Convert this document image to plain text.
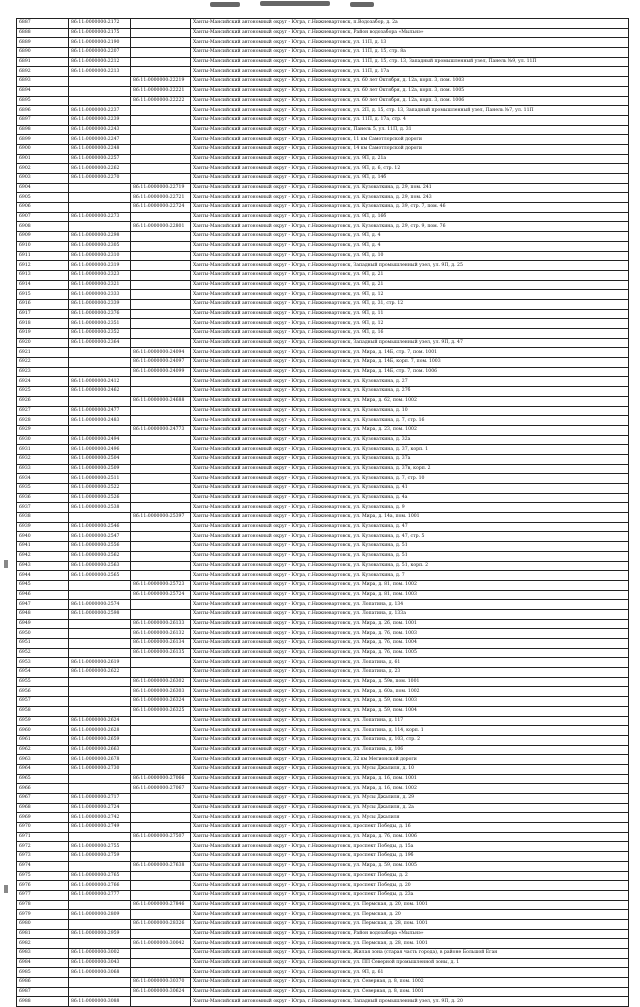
6887	86:11:0000000:2172		Ханты-Мансийский автономный округ - Югра, г.Нижневартовск, п.Водозабор, д. 2а
6888	86:11:0000000:2175		Ханты-Мансийский автономный округ - Югра, г.Нижневартовск, Район водозабора «Мыльнэ»
6889	86:11:0000000:2190		Ханты-Мансийский автономный округ - Югра, г.Нижневартовск, ул. 11П, д. 13
6890	86:11:0000000:2207		Ханты-Мансийский автономный округ - Югра, г.Нижневартовск, ул. 11П, д. 15, стр. 8а
6891	86:11:0000000:2212		Ханты-Мансийский автономный округ - Югра, г.Нижневартовск, ул. 11П, д. 15, стр. 13, Западный промышленный узел, Панель №9, ул. 11П
6892	86:11:0000000:2213		Ханты-Мансийский автономный округ - Югра, г.Нижневартовск, ул. 11П, д. 17а
6893		86:11:0000000:22219	Ханты-Мансийский автономный округ - Югра, г.Нижневартовск, ул. 60 лет Октября, д. 12а, корп. 3, пом. 1003
6894		86:11:0000000:22221	Ханты-Мансийский автономный округ - Югра, г.Нижневартовск, ул. 60 лет Октября, д. 12а, корп. 3, пом. 1005
6895		86:11:0000000:22222	Ханты-Мансийский автономный округ - Югра, г.Нижневартовск, ул. 60 лет Октября, д. 12а, корп. 3, пом. 1006
6896	86:11:0000000:2237		Ханты-Мансийский автономный округ - Югра, г.Нижневартовск, ул. 2П, д. 15, стр. 13, Западный промышленный узел, Панель №7, ул. 11П
6897	86:11:0000000:2239		Ханты-Мансийский автономный округ - Югра, г.Нижневартовск, ул. 11П, д. 17а, стр. 4
6898	86:11:0000000:2243		Ханты-Мансийский автономный округ - Югра, г.Нижневартовск, Панель 5, ул. 11П, д. 31
6899	86:11:0000000:2247		Ханты-Мансийский автономный округ - Югра, г.Нижневартовск, 11 км Самотлорской дороги
6900	86:11:0000000:2248		Ханты-Мансийский автономный округ - Югра, г.Нижневартовск, 14 км Самотлорской дороги
6901	86:11:0000000:2257		Ханты-Мансийский автономный округ - Югра, г.Нижневартовск, ул. 9П, д. 21а
6902	86:11:0000000:2262		Ханты-Мансийский автономный округ - Югра, г.Нижневартовск, ул. 9П, д. 6, стр. 12
6903	86:11:0000000:2270		Ханты-Мансийский автономный округ - Югра, г.Нижневартовск, ул. 9П, д. 14б
6904		86:11:0000000:22719	Ханты-Мансийский автономный округ - Югра, г.Нижневартовск, ул. Кузоваткина, д. 29, пом. 241
6905		86:11:0000000:22721	Ханты-Мансийский автономный округ - Югра, г.Нижневартовск, ул. Кузоваткина, д. 29, пом. 243
6906		86:11:0000000:22724	Ханты-Мансийский автономный округ - Югра, г.Нижневартовск, ул. Кузоваткина, д. 39, стр. 7, пом. 46
6907	86:11:0000000:2273		Ханты-Мансийский автономный округ - Югра, г.Нижневартовск, ул. 9П, д. 16б
6908		86:11:0000000:22801	Ханты-Мансийский автономный округ - Югра, г.Нижневартовск, ул. Кузоваткина, д. 29, стр. 9, пом. 76
6909	86:11:0000000:2298		Ханты-Мансийский автономный округ - Югра, г.Нижневартовск, ул. 9П, д. 4
6910	86:11:0000000:2305		Ханты-Мансийский автономный округ - Югра, г.Нижневартовск, ул. 9П, д. 4
6911	86:11:0000000:2310		Ханты-Мансийский автономный округ - Югра, г.Нижневартовск, ул. 9П, д. 10
6912	86:11:0000000:2319		Ханты-Мансийский автономный округ - Югра, г.Нижневартовск, Западный промышленный узел, ул. 9П, д. 25
6913	86:11:0000000:2323		Ханты-Мансийский автономный округ - Югра, г.Нижневартовск, ул. 9П, д. 21
6914	86:11:0000000:2321		Ханты-Мансийский автономный округ - Югра, г.Нижневартовск, ул. 9П, д. 21
6915	86:11:0000000:2333		Ханты-Мансийский автономный округ - Югра, г.Нижневартовск, ул. 9П, д. 12
6916	86:11:0000000:2339		Ханты-Мансийский автономный округ - Югра, г.Нижневартовск, ул. 9П, д. 31, стр. 12
6917	86:11:0000000:2376		Ханты-Мансийский автономный округ - Югра, г.Нижневартовск, ул. 9П, д. 11
6918	86:11:0000000:2351		Ханты-Мансийский автономный округ - Югра, г.Нижневартовск, ул. 9П, д. 12
6919	86:11:0000000:2352		Ханты-Мансийский автономный округ - Югра, г.Нижневартовск, ул. 9П, д. 16
6920	86:11:0000000:2364		Ханты-Мансийский автономный округ - Югра, г.Нижневартовск, Западный промышленный узел, ул. 9П, д. 47
6921		86:11:0000000:24094	Ханты-Мансийский автономный округ - Югра, г.Нижневартовск, ул. Мира, д. 14Б, стр. 7, пом. 1001
6922		86:11:0000000:24097	Ханты-Мансийский автономный округ - Югра, г.Нижневартовск, ул. Мира, д. 14Б, корп. 7, пом. 1003
6923		86:11:0000000:24099	Ханты-Мансийский автономный округ - Югра, г.Нижневартовск, ул. Мира, д. 14Б, стр. 7, пом. 1006
6924	86:11:0000000:2412		Ханты-Мансийский автономный округ - Югра, г.Нижневартовск, ул. Кузоваткина, д. 27
6925	86:11:0000000:2462		Ханты-Мансийский автономный округ - Югра, г.Нижневартовск, ул. Кузоваткина, д. 27б
6926		86:11:0000000:24688	Ханты-Мансийский автономный округ - Югра, г.Нижневартовск, ул. Мира, д. 62, пом. 1002
6927	86:11:0000000:2477		Ханты-Мансийский автономный округ - Югра, г.Нижневартовск, ул. Кузоваткина, д. 10
6928	86:11:0000000:2483		Ханты-Мансийский автономный округ - Югра, г.Нижневартовск, ул. Кузоваткина, д. 7, стр. 16
6929		86:11:0000000:24773	Ханты-Мансийский автономный округ - Югра, г.Нижневартовск, ул. Мира, д. 23, пом. 1002
6930	86:11:0000000:2494		Ханты-Мансийский автономный округ - Югра, г.Нижневартовск, ул. Кузоваткина, д. 32а
6931	86:11:0000000:2496		Ханты-Мансийский автономный округ - Югра, г.Нижневартовск, ул. Кузоваткина, д. 37, корп. 1
6932	86:11:0000000:2504		Ханты-Мансийский автономный округ - Югра, г.Нижневартовск, ул. Кузоваткина, д. 37а
6933	86:11:0000000:2509		Ханты-Мансийский автономный округ - Югра, г.Нижневартовск, ул. Кузоваткина, д. 37в, корп. 2
6934	86:11:0000000:2511		Ханты-Мансийский автономный округ - Югра, г.Нижневартовск, ул. Кузоваткина, д. 7, стр. 10
6935	86:11:0000000:2522		Ханты-Мансийский автономный округ - Югра, г.Нижневартовск, ул. Кузоваткина, д. 41
6936	86:11:0000000:2526		Ханты-Мансийский автономный округ - Югра, г.Нижневартовск, ул. Кузоваткина, д. 4а
6937	86:11:0000000:2538		Ханты-Мансийский автономный округ - Югра, г.Нижневартовск, ул. Кузоваткина, д. 9
6938		86:11:0000000:25397	Ханты-Мансийский автономный округ - Югра, г.Нижневартовск, ул. Мира, д. 14а, пом. 1001
6939	86:11:0000000:2546		Ханты-Мансийский автономный округ - Югра, г.Нижневартовск, ул. Кузоваткина, д. 47
6940	86:11:0000000:2547		Ханты-Мансийский автономный округ - Югра, г.Нижневартовск, ул. Кузоваткина, д. 47, стр. 5
6941	86:11:0000000:2556		Ханты-Мансийский автономный округ - Югра, г.Нижневартовск, ул. Кузоваткина, д. 51
6942	86:11:0000000:2562		Ханты-Мансийский автономный округ - Югра, г.Нижневартовск, ул. Кузоваткина, д. 51
6943	86:11:0000000:2563		Ханты-Мансийский автономный округ - Югра, г.Нижневартовск, ул. Кузоваткина, д. 51, корп. 2
6944	86:11:0000000:2565		Ханты-Мансийский автономный округ - Югра, г.Нижневартовск, ул. Кузоваткина, д. 7
6945		86:11:0000000:25723	Ханты-Мансийский автономный округ - Югра, г.Нижневартовск, ул. Мира, д. 81, пом. 1002
6946		86:11:0000000:25724	Ханты-Мансийский автономный округ - Югра, г.Нижневартовск, ул. Мира, д. 81, пом. 1003
6947	86:11:0000000:2574		Ханты-Мансийский автономный округ - Югра, г.Нижневартовск, ул. Лопатина, д. 134
6948	86:11:0000000:2598		Ханты-Мансийский автономный округ - Югра, г.Нижневартовск, ул. Лопатина, д. 133а
6949		86:11:0000000:26133	Ханты-Мансийский автономный округ - Югра, г.Нижневартовск, ул. Мира, д. 26, пом. 1001
6950		86:11:0000000:26132	Ханты-Мансийский автономный округ - Югра, г.Нижневартовск, ул. Мира, д. 76, пом. 1003
6951		86:11:0000000:26134	Ханты-Мансийский автономный округ - Югра, г.Нижневартовск, ул. Мира, д. 76, пом. 1004
6952		86:11:0000000:26135	Ханты-Мансийский автономный округ - Югра, г.Нижневартовск, ул. Мира, д. 76, пом. 1005
6953	86:11:0000000:2619		Ханты-Мансийский автономный округ - Югра, г.Нижневартовск, ул. Лопатина, д. 61
6954	86:11:0000000:2622		Ханты-Мансийский автономный округ - Югра, г.Нижневартовск, ул. Лопатина, д. 23
6955		86:11:0000000:26302	Ханты-Мансийский автономный округ - Югра, г.Нижневартовск, ул. Мира, д. 59в, пом. 1001
6956		86:11:0000000:26303	Ханты-Мансийский автономный округ - Югра, г.Нижневартовск, ул. Мира, д. 60а, пом. 1002
6957		86:11:0000000:26324	Ханты-Мансийский автономный округ - Югра, г.Нижневартовск, ул. Мира, д. 59, пом. 1003
6958		86:11:0000000:26325	Ханты-Мансийский автономный округ - Югра, г.Нижневартовск, ул. Мира, д. 59, пом. 1004
6959	86:11:0000000:2624		Ханты-Мансийский автономный округ - Югра, г.Нижневартовск, ул. Лопатина, д. 117
6960	86:11:0000000:2628		Ханты-Мансийский автономный округ - Югра, г.Нижневартовск, ул. Лопатина, д. 114, корп. 1
6961	86:11:0000000:2659		Ханты-Мансийский автономный округ - Югра, г.Нижневартовск, ул. Лопатина, д. 103, стр. 2
6962	86:11:0000000:2663		Ханты-Мансийский автономный округ - Югра, г.Нижневартовск, ул. Лопатина, д. 106
6963	86:11:0000000:2678		Ханты-Мансийский автономный округ - Югра, г.Нижневартовск, 32 км Мегионской дороги
6964	86:11:0000000:2730		Ханты-Мансийский автономный округ - Югра, г.Нижневартовск, ул. Мусы Джалиля, д. 10
6965		86:11:0000000:27066	Ханты-Мансийский автономный округ - Югра, г.Нижневартовск, ул. Мира, д. 16, пом. 1001
6966		86:11:0000000:27067	Ханты-Мансийский автономный округ - Югра, г.Нижневартовск, ул. Мира, д. 16, пом. 1002
6967	86:11:0000000:2717		Ханты-Мансийский автономный округ - Югра, г.Нижневартовск, ул. Мусы Джалиля, д. 29
6968	86:11:0000000:2724		Ханты-Мансийский автономный округ - Югра, г.Нижневартовск, ул. Мусы Джалиля, д. 2а
6969	86:11:0000000:2742		Ханты-Мансийский автономный округ - Югра, г.Нижневартовск, ул. Мусы Джалиля
6970	86:11:0000000:2749		Ханты-Мансийский автономный округ - Югра, г.Нижневартовск, проспект Победы, д. 16
6971		86:11:0000000:27507	Ханты-Мансийский автономный округ - Югра, г.Нижневартовск, ул. Мира, д. 76, пом. 1006
6972	86:11:0000000:2755		Ханты-Мансийский автономный округ - Югра, г.Нижневартовск, проспект Победы, д. 15а
6973	86:11:0000000:2759		Ханты-Мансийский автономный округ - Югра, г.Нижневартовск, проспект Победы, д. 19б
6974		86:11:0000000:27638	Ханты-Мансийский автономный округ - Югра, г.Нижневартовск, ул. Мира, д. 59, пом. 1005
6975	86:11:0000000:2765		Ханты-Мансийский автономный округ - Югра, г.Нижневартовск, проспект Победы, д. 2
6976	86:11:0000000:2766		Ханты-Мансийский автономный округ - Югра, г.Нижневартовск, проспект Победы, д. 20
6977	86:11:0000000:2777		Ханты-Мансийский автономный округ - Югра, г.Нижневартовск, проспект Победы, д. 23а
6978		86:11:0000000:27846	Ханты-Мансийский автономный округ - Югра, г.Нижневартовск, ул. Пермская, д. 20, пом. 1001
6979	86:11:0000000:2809		Ханты-Мансийский автономный округ - Югра, г.Нижневартовск, ул. Пермская, д. 20
6980		86:11:0000000:28326	Ханты-Мансийский автономный округ - Югра, г.Нижневартовск, ул. Пермская, д. 28, пом. 1001
6981	86:11:0000000:2959		Ханты-Мансийский автономный округ - Югра, г.Нижневартовск, Район водозабора «Мыльнэ»
6982		86:11:0000000:30042	Ханты-Мансийский автономный округ - Югра, г.Нижневартовск, ул. Пермская, д. 28, пом. 1001
6983	86:11:0000000:3002		Ханты-Мансийский автономный округ - Югра, г.Нижневартовск, Жилая зона (старая часть города), в районе Большой Еган
6984	86:11:0000000:3043		Ханты-Мансийский автономный округ - Югра, г.Нижневартовск, ул. ПП Северной промышленной зоны, д. 1
6985	86:11:0000000:3068		Ханты-Мансийский автономный округ - Югра, г.Нижневартовск, ул. 9П, д. 61
6986		86:11:0000000:30370	Ханты-Мансийский автономный округ - Югра, г.Нижневартовск, ул. Северная, д. 8, пом. 1002
6987		86:11:0000000:30624	Ханты-Мансийский автономный округ - Югра, г.Нижневартовск, ул. Северная, д. 8, пом. 1001
6988	86:11:0000000:3088		Ханты-Мансийский автономный округ - Югра, г.Нижневартовск, Западный промышленный узел, ул. 9П, д. 20
